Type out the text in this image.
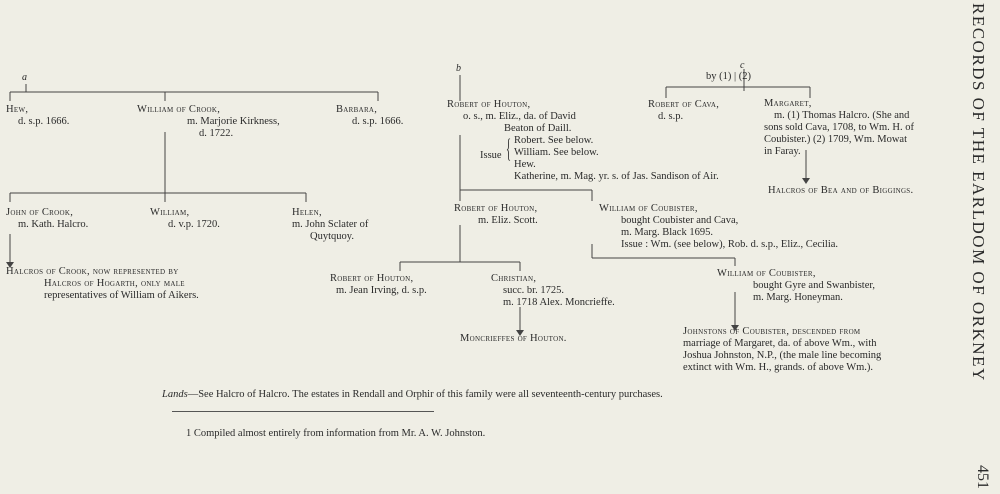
a
b	c
by (1) | (2)
Hew,
d. s.p. 1666.
William of Crook,
m. Marjorie Kirkness,
d. 1722.
Barbara,
d. s.p. 1666.
Robert of Houton,
o. s., m. Eliz., da. of David
Beaton of Daill.
Issue { Robert. See below.
William. See below.
Hew.
Katherine, m. Mag. yr. s. of Jas. Sandison of Air.
Robert of Cava,
d. s.p.
Margaret,
m. (1) Thomas Halcro. (She and
sons sold Cava, 1708, to Wm. H. of
Coubister.) (2) 1709, Wm. Mowat
in Faray.
John of Crook,
m. Kath. Halcro.
William,
d. v.p. 1720.
Helen,
m. John Sclater of
Quytquoy.
Robert of Houton,
m. Eliz. Scott.
William of Coubister,
bought Coubister and Cava,
m. Marg. Black 1695.
Issue : Wm. (see below), Rob. d. s.p., Eliz., Cecilia.
Halcros of Bea and of Biggings.
Halcros of Crook, now represented by
Halcros of Hogarth, only male
representatives of William of Aikers.
Robert of Houton,
m. Jean Irving, d. s.p.
Christian,
succ. br. 1725.
m. 1718 Alex. Moncrieffe.
William of Coubister,
bought Gyre and Swanbister,
m. Marg. Honeyman.
Moncrieffes of Houton.
Johnstons of Coubister, descended from
marriage of Margaret, da. of above Wm., with
Joshua Johnston, N.P., (the male line becoming
extinct with Wm. H., grands. of above Wm.).
Lands—See Halcro of Halcro. The estates in Rendall and Orphir of this family were all seventeenth-century purchases.
1 Compiled almost entirely from information from Mr. A. W. Johnston.
RECORDS OF THE EARLDOM OF ORKNEY
451
